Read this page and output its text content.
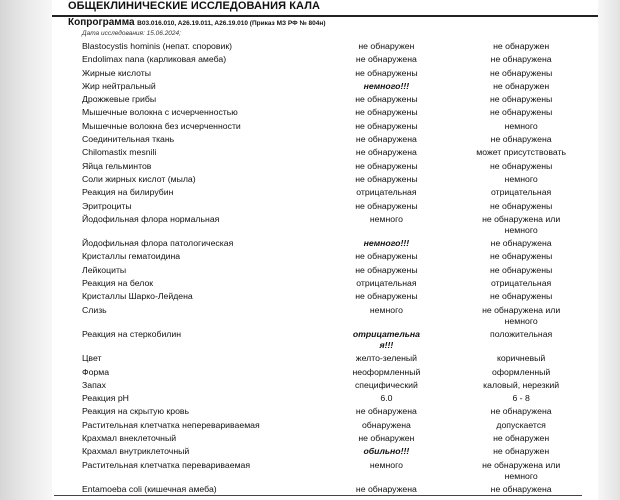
ОБЩЕКЛИНИЧЕСКИЕ ИССЛЕДОВАНИЯ КАЛА
Копрограмма B03.016.010, A26.19.011, A26.19.010 (Приказ МЗ РФ № 804н)
Дата исследования: 15.06.2024;
Blastocystis hominis (непат. споровик)	не обнаружен	не обнаружен
Endolimax nana (карликовая амеба)	не обнаружена	не обнаружена
Жирные кислоты	не обнаружены	не обнаружены
Жир нейтральный	немного!!!	не обнаружен
Дрожжевые грибы	не обнаружены	не обнаружены
Мышечные волокна с исчерченностью	не обнаружены	не обнаружены
Мышечные волокна без исчерченности	не обнаружены	немного
Соединительная ткань	не обнаружена	не обнаружена
Chilomastix mesnili	не обнаружена	может присутствовать
Яйца гельминтов	не обнаружены	не обнаружены
Соли жирных кислот (мыла)	не обнаружены	немного
Реакция на билирубин	отрицательная	отрицательная
Эритроциты	не обнаружены	не обнаружены
Йодофильная флора нормальная	немного	не обнаружена или
немного
Йодофильная флора патологическая	немного!!!	не обнаружена
Кристаллы гематоидина	не обнаружены	не обнаружены
Лейкоциты	не обнаружены	не обнаружены
Реакция на белок	отрицательная	отрицательная
Кристаллы Шарко-Лейдена	не обнаружены	не обнаружены
Слизь	немного	не обнаружена или
немного
Реакция на стеркобилин	отрицательна	положительная
я!!!
Цвет	желто-зеленый	коричневый
Форма	неоформленный	оформленный
Запах	специфический	каловый, нерезкий
Реакция pH	6.0	6 - 8
Реакция на скрытую кровь	не обнаружена	не обнаружена
Растительная клетчатка неперевариваемая	обнаружена	допускается
Крахмал внеклеточный	не обнаружен	не обнаружен
Крахмал внутриклеточный	обильно!!!	не обнаружен
Растительная клетчатка перевариваемая	немного	не обнаружена или
немного
Entamoeba coli (кишечная амеба)	не обнаружена	не обнаружена
